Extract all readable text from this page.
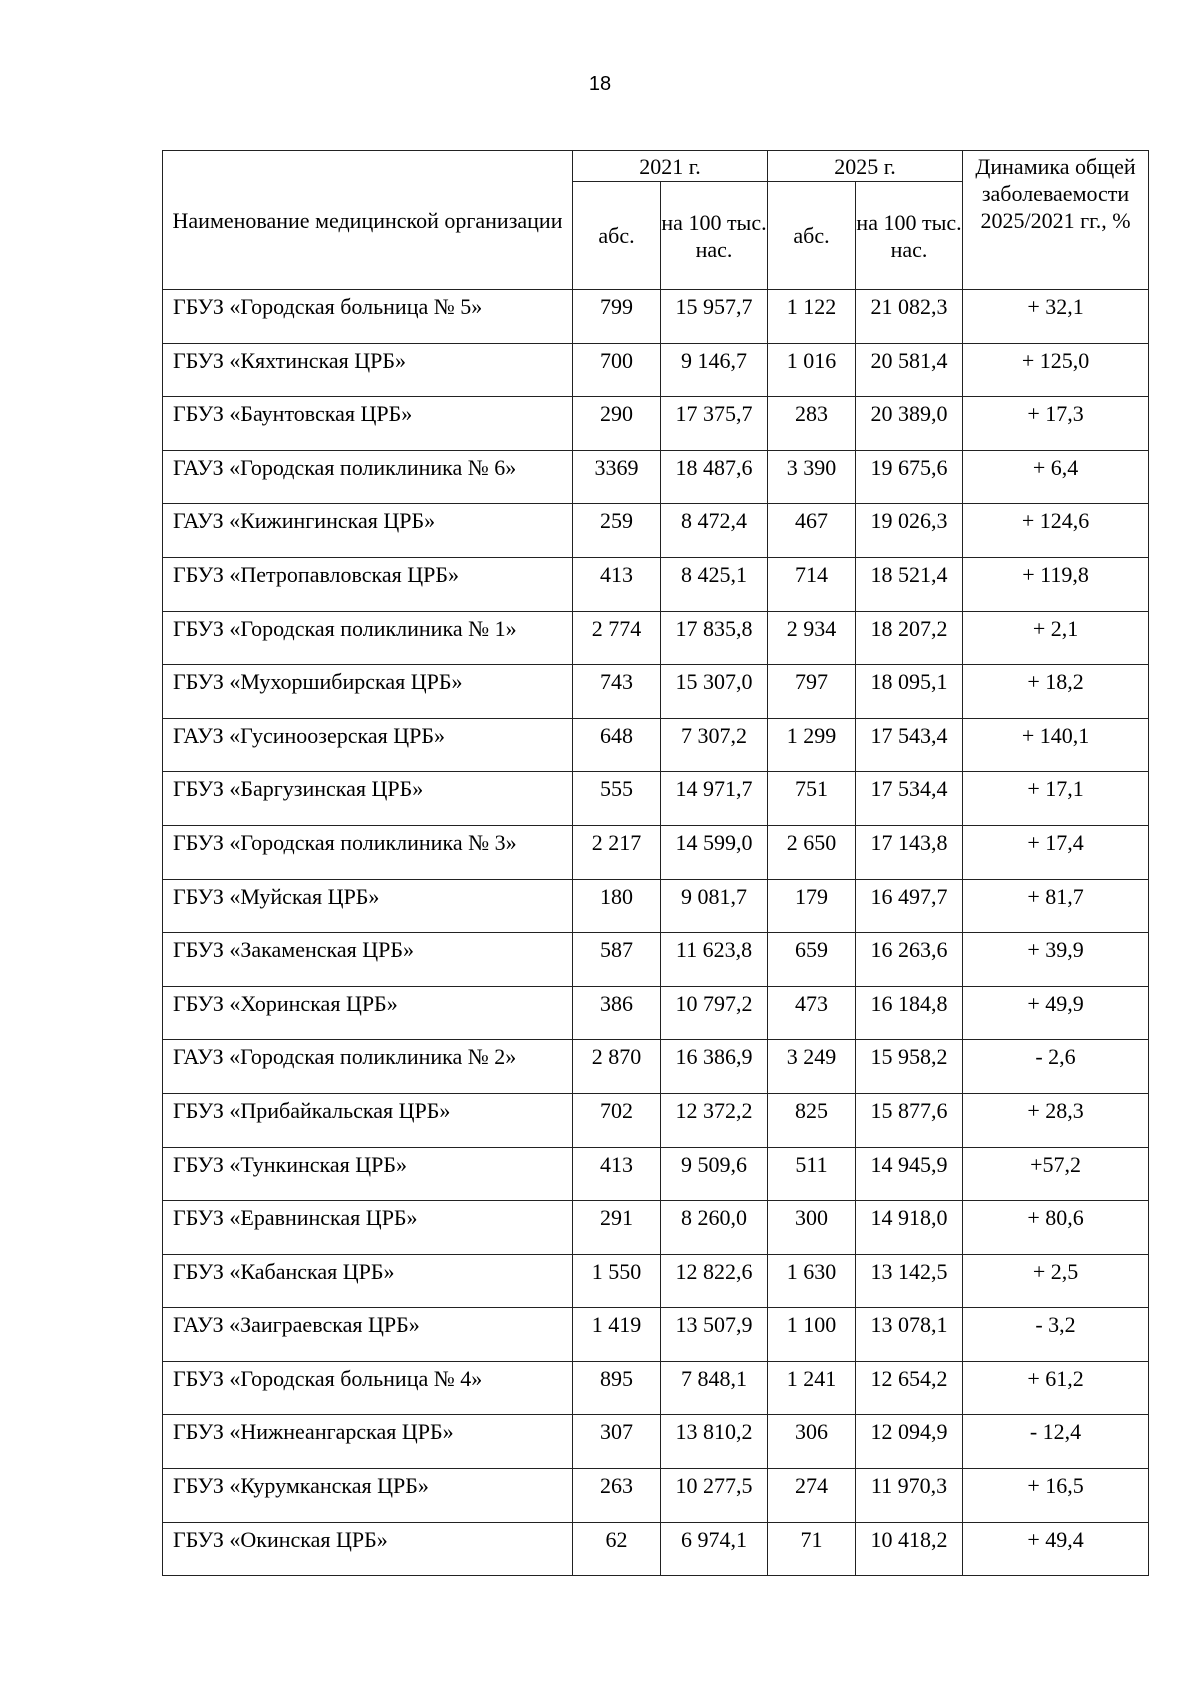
18
Наименование медицинской организации	2021 г.		2025 г.		Динамика общей заболеваемости 2025/2021 гг., %
	абс.	на 100 тыс. нас.	абс.	на 100 тыс. нас.	
ГБУЗ «Городская больница № 5»	799	15 957,7	1 122	21 082,3	+ 32,1
ГБУЗ «Кяхтинская ЦРБ»	700	9 146,7	1 016	20 581,4	+ 125,0
ГБУЗ «Баунтовская ЦРБ»	290	17 375,7	283	20 389,0	+ 17,3
ГАУЗ «Городская поликлиника № 6»	3369	18 487,6	3 390	19 675,6	+ 6,4
ГАУЗ «Кижингинская ЦРБ»	259	8 472,4	467	19 026,3	+ 124,6
ГБУЗ «Петропавловская ЦРБ»	413	8 425,1	714	18 521,4	+ 119,8
ГБУЗ «Городская поликлиника № 1»	2 774	17 835,8	2 934	18 207,2	+ 2,1
ГБУЗ «Мухоршибирская ЦРБ»	743	15 307,0	797	18 095,1	+ 18,2
ГАУЗ «Гусиноозерская ЦРБ»	648	7 307,2	1 299	17 543,4	+ 140,1
ГБУЗ «Баргузинская ЦРБ»	555	14 971,7	751	17 534,4	+ 17,1
ГБУЗ «Городская поликлиника № 3»	2 217	14 599,0	2 650	17 143,8	+ 17,4
ГБУЗ «Муйская ЦРБ»	180	9 081,7	179	16 497,7	+ 81,7
ГБУЗ «Закаменская ЦРБ»	587	11 623,8	659	16 263,6	+ 39,9
ГБУЗ «Хоринская ЦРБ»	386	10 797,2	473	16 184,8	+ 49,9
ГАУЗ «Городская поликлиника № 2»	2 870	16 386,9	3 249	15 958,2	- 2,6
ГБУЗ «Прибайкальская ЦРБ»	702	12 372,2	825	15 877,6	+ 28,3
ГБУЗ «Тункинская ЦРБ»	413	9 509,6	511	14 945,9	+57,2
ГБУЗ «Еравнинская ЦРБ»	291	8 260,0	300	14 918,0	+ 80,6
ГБУЗ «Кабанская ЦРБ»	1 550	12 822,6	1 630	13 142,5	+ 2,5
ГАУЗ «Заиграевская ЦРБ»	1 419	13 507,9	1 100	13 078,1	- 3,2
ГБУЗ «Городская больница № 4»	895	7 848,1	1 241	12 654,2	+ 61,2
ГБУЗ «Нижнеангарская ЦРБ»	307	13 810,2	306	12 094,9	- 12,4
ГБУЗ «Курумканская ЦРБ»	263	10 277,5	274	11 970,3	+ 16,5
ГБУЗ «Окинская ЦРБ»	62	6 974,1	71	10 418,2	+ 49,4
